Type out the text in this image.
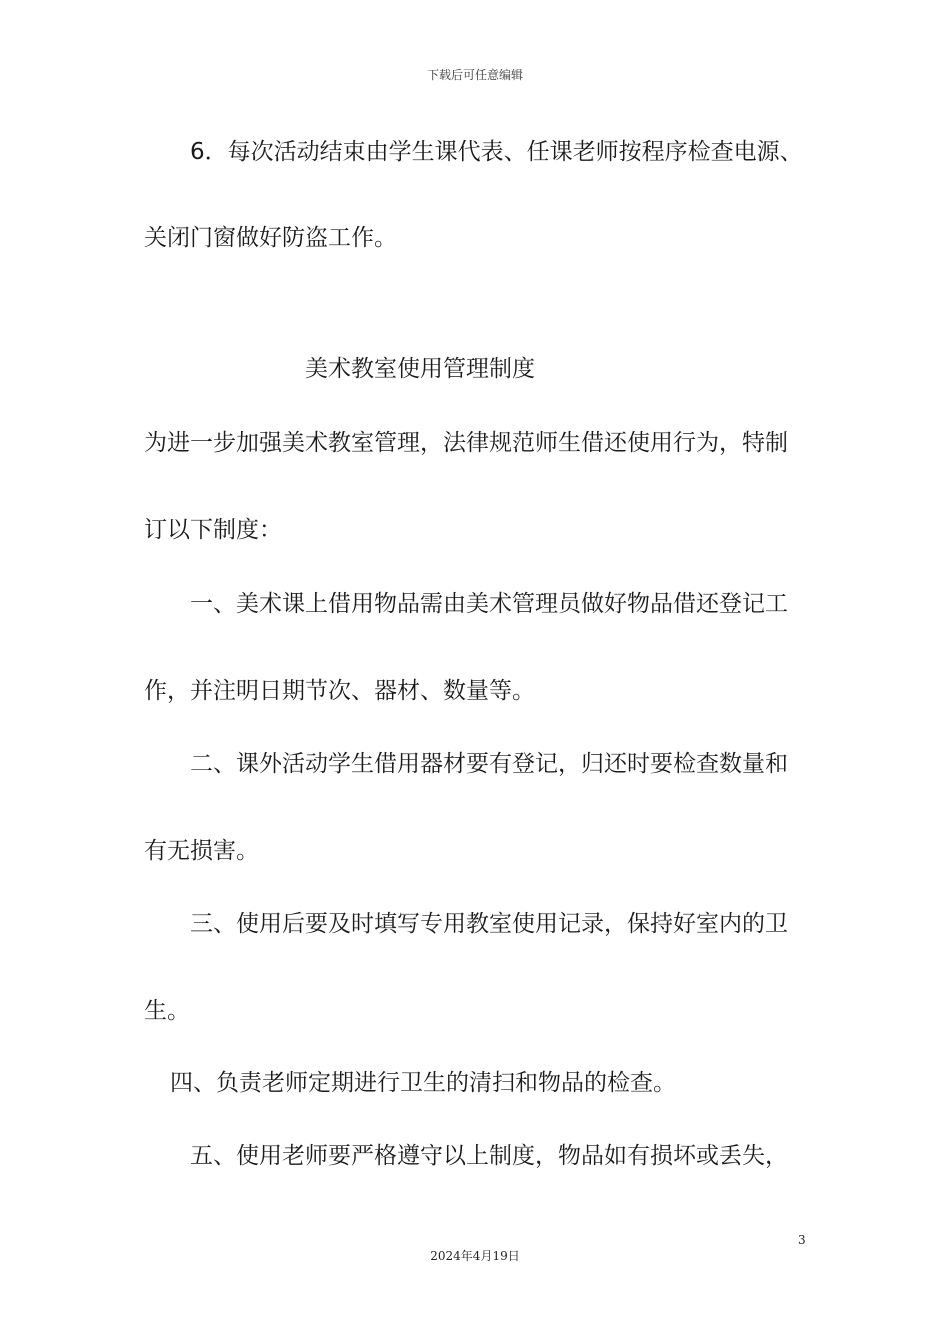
下载后可任意编辑
6．每次活动结束由学生课代表、任课老师按程序检查电源、
关闭门窗做好防盗工作。
美术教室使用管理制度
为进一步加强美术教室管理，法律规范师生借还使用行为，特制
订以下制度：
一、美术课上借用物品需由美术管理员做好物品借还登记工
作，并注明日期节次、器材、数量等。
二、课外活动学生借用器材要有登记，归还时要检查数量和
有无损害。
三、使用后要及时填写专用教室使用记录，保持好室内的卫
生。
四、负责老师定期进行卫生的清扫和物品的检查。
五、使用老师要严格遵守以上制度，物品如有损坏或丢失，
3
2024年4月19日
